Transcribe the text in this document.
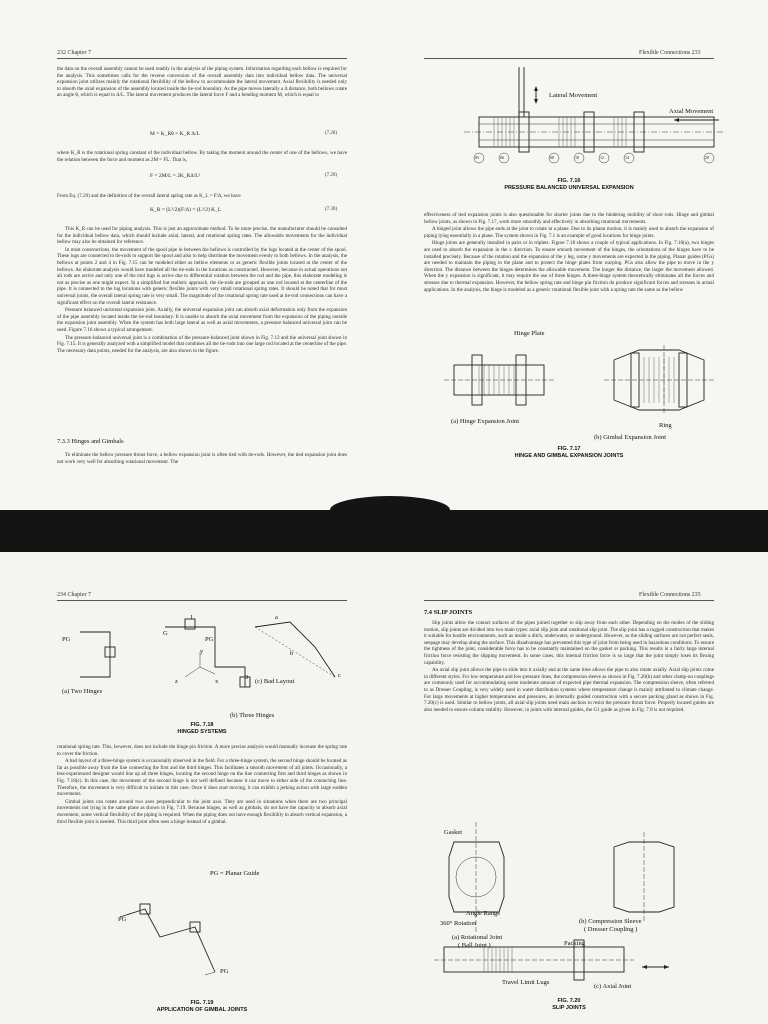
232 Chapter 7

the data on the overall assembly cannot be used readily in the analysis of the piping system. Information regarding each bellow is required for the analysis. This sometimes calls for the reverse conversion of the overall assembly data into individual bellow data. The universal expansion joint utilizes mainly the rotational flexibility of the bellow to accommodate the lateral movement. Axial flexibility is needed only to absorb the axial expansion of the assembly located inside the tie-rod boundary. As the pipe moves laterally a Δ distance, both bellows rotate an angle θ, which is equal to Δ/L. The lateral movement produces the lateral force F and a bending moment M, which is equal to

M = K_Rθ = K_R Δ/L	(7.28)

where K_R is the rotational spring constant of the individual bellow. By taking the moment around the center of one of the bellows, we have the relation between the force and moment as 2M = FL. That is,

F = 2M/L = 2K_RΔ/L²	(7.29)

From Eq. (7.29) and the definition of the overall lateral spring rate as K_L = F/Δ, we have

K_R = (L²/2)(F/Δ) = (L²/2) K_L	(7.30)

This K_R can be used for piping analysis. This is just an approximate method. To be more precise, the manufacturer should be consulted for the individual bellow data, which should include axial, lateral, and rotational spring rates. The allowable movements for the individual bellow may also be obtained for reference.

In most constructions, the movement of the spool pipe in between the bellows is controlled by the lugs located at the center of the spool. These lugs are connected to tie-rods to support the spool and also to help distribute the movement evenly to both bellows. In the analysis, the bellows at points 2 and 4 in Fig. 7.15 can be modeled either as bellow elements or as generic flexible joints located at the center of the bellows. An elaborate analysis would have modeled all the tie-rods in the locations as constructed. However, because in actual operations not all rods are active and only one of the mid lugs is active due to differential rotation between the rod and the pipe, this elaborate modeling is not as precise as one might expect. In a simplified but realistic approach, the tie-rods are grouped as one rod located at the centerline of the pipe. It is connected to the lug locations with generic flexible joints with very small rotational spring rates. It should be noted that for most universal joints, the overall lateral spring rate is very small. The magnitude of the rotational spring rate used at tie-rod connections can have a significant effect on the overall lateral resistance.

Pressure balanced universal expansion joint. Axially, the universal expansion joint can absorb axial deformation only from the expansion of the pipe assembly located inside the tie-rod boundary. It is unable to absorb the axial movement from the expansion of the piping outside the expansion joint assembly. When the system has both large lateral as well as axial movements, a pressure balanced universal joint can be used. Figure 7.16 shows a typical arrangement.

The pressure-balanced universal joint is a combination of the pressure-balanced joint shown in Fig. 7.13 and the universal joint shown in Fig. 7.15. It is generally analyzed with a simplified model that combines all the tie-rods into one large rod located at the centerline of the pipe. The necessary data points, needed for the analysis, are also shown in the figure.

7.3.3 Hinges and Gimbals

To eliminate the bellow pressure thrust force, a bellow expansion joint is often tied with tie-rods. However, the tied expansion joint does not work very well for absorbing rotational movement. The

Flexible Connections 233
Lateral Movement
Axial Movement
05	06	08	10	12	14	20
FIG. 7.16
PRESSURE BALANCED UNIVERSAL EXPANSION

effectiveness of tied expansion joints is also questionable for shorter joints due to the hindering mobility of short rods. Hinge and gimbal bellow joints, as shown in Fig. 7.17, work more smoothly and effectively in absorbing rotational movements.

A hinged joint allows the pipe ends at the joint to rotate in a plane. Due to its planar motion, it is mainly used to absorb the expansion of piping lying essentially in a plane. The system shown in Fig. 7.1 is an example of good locations for hinge joints.

Hinge joints are generally installed in pairs or in triplets. Figure 7.18 shows a couple of typical applications. In Fig. 7.18(a), two hinges are used to absorb the expansion in the x direction. To ensure smooth movement of the hinges, the orientations of the hinges have to be installed precisely. Because of the rotation and the expansion of the y leg, some y movements are expected in the piping. Planar guides (PGs) are needed to maintain the piping in the plane and to protect the hinge plates from warping. PGs also allow the pipe to move in the y direction. The distance between the hinges determines the allowable movement. The longer the distance, the larger the movement allowed. When the y expansion is significant, it may require the use of three hinges. A three-hinge system theoretically eliminates all the forces and stresses due to thermal expansion. However, the bellow spring rate and hinge pin friction do produce significant forces and stresses in actual applications. In the analysis, the hinge is modeled as a generic rotational flexible joint with a spring rate the same as the bellow

Hinge Plate
Ring
(a) Hinge Expansion Joint
(b) Gimbal Expansion Joint
FIG. 7.17
HINGE AND GIMBAL EXPANSION JOINTS
234 Chapter 7
PG
G
PG
1
3
a
b
c
y
x
z
(a) Two Hinges
(c) Bad Layout
(b) Three Hinges
FIG. 7.18
HINGED SYSTEMS

rotational spring rate. This, however, does not include the hinge pin friction. A more precise analysis would manually increase the spring rate to cover the friction.

A bad layout of a three-hinge system is occasionally observed in the field. For a three-hinge system, the second hinge should be located as far as possible away from the line connecting the first and the third hinges. This facilitates a smooth movement of all joints. Occasionally, a less-experienced designer would line up all three hinges, locating the second hinge on the line connecting first and third hinges as shown in Fig. 7.18(c). In this case, the movement of the second hinge is not well defined because it can move to either side of the connecting line. Therefore, the movement is very difficult to initiate in this case. Once it does start moving, it can exhibit a jerking action with large sudden movements.

Gimbal joints can rotate around two axes perpendicular to the joint axis. They are used in situations when there are two principal movements not lying in the same plane as shown in Fig. 7.19. Because hinges, as well as gimbals, do not have the capacity to absorb axial movement, some vertical flexibility of the piping is required. When the piping does not have enough flexibility to absorb vertical expansion, a third flexible joint is needed. This third joint often uses a hinge instead of a gimbal.

PG = Planar Guide
PG
PG
FIG. 7.19
APPLICATION OF GIMBAL JOINTS
Flexible Connections 235
7.4 SLIP JOINTS

Slip joints allow the contact surfaces of the pipes joined together to slip away from each other. Depending on the modes of the sliding motion, slip joints are divided into two main types: axial slip joint and rotational slip joint. The slip joint has a rugged construction that makes it suitable for hostile environments, such as inside a ditch, underwater, or underground. However, as the sliding surfaces are not perfect seals, seepage may develop along the surface. This disadvantage has prevented this type of joint from being used in hazardous conditions. To ensure the tightness of the joint, considerable force has to be constantly maintained on the gasket or packing. This results in a fairly large internal friction force resisting the slipping movement. In some cases, this internal friction force is so large that the joint simply loses its flexing capability.

An axial slip joint allows the pipe to slide into it axially and at the same time allows the pipe to also rotate axially. Axial slip joints come in different styles. For low temperature and low-pressure lines, the compression sleeve as shown in Fig. 7.20(b) and other clamp-on couplings are commonly used for accommodating some moderate amount of expected pipe thermal expansion. The compression sleeve, often referred to as Dresser Coupling, is very widely used in water distribution systems where temperature change is mainly attributed to climate change. For large movements at higher temperatures and pressures, an internally guided construction with a secure packing gland as shown in Fig. 7.20(c) is used. Similar to bellow joints, all axial slip joints need main anchors to resist the pressure thrust force. Properly located guides are also needed to ensure column stability. However, in joints with internal guides, the G1 guide as given in Fig. 7.8 is not required.

Gasket
Angle Range
360° Rotation
(a) Rotational Joint
( Ball Joint )
(b) Compression Sleeve
( Dresser Coupling )
Packing
Travel Limit Lugs
(c) Axial Joint
FIG. 7.20
SLIP JOINTS
